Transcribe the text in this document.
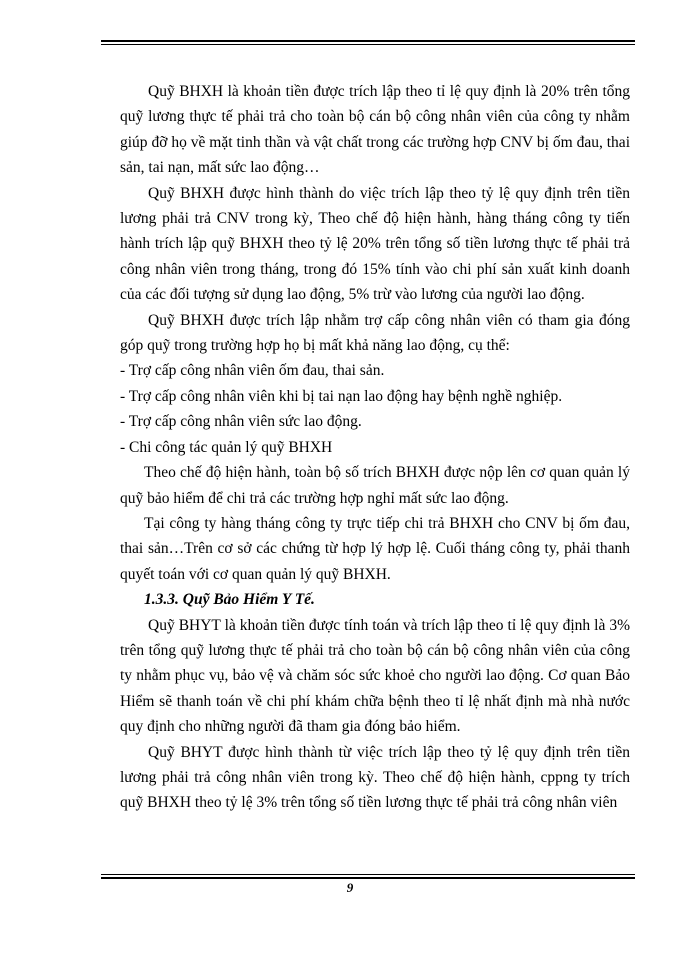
Quỹ BHXH là khoản tiền được trích lập theo tỉ lệ quy định là 20% trên tổng quỹ lương thực tế phải trả cho toàn bộ cán bộ công nhân viên của công ty nhằm giúp đỡ họ về mặt tinh thần và vật chất trong các trường hợp CNV bị ốm đau, thai sản, tai nạn, mất sức lao động…

Quỹ BHXH được hình thành do việc trích lập theo tỷ lệ quy định trên tiền lương phải trả CNV trong kỳ, Theo chế độ hiện hành, hàng tháng công ty tiến hành trích lập quỹ BHXH theo tỷ lệ 20% trên tổng số tiền lương thực tế phải trả công nhân viên trong tháng, trong đó 15% tính vào chi phí sản xuất kinh doanh của các đối tượng sử dụng lao động, 5% trừ vào lương của người lao động.

Quỹ BHXH được trích lập nhằm trợ cấp công nhân viên có tham gia đóng góp quỹ trong trường hợp họ bị mất khả năng lao động, cụ thể:

- Trợ cấp công nhân viên ốm đau, thai sản.

- Trợ cấp công nhân viên khi bị tai nạn lao động hay bệnh nghề nghiệp.

- Trợ cấp công nhân viên sức lao động.

- Chi công tác quản lý quỹ BHXH

Theo chế độ hiện hành, toàn bộ số trích BHXH được nộp lên cơ quan quản lý quỹ bảo hiểm để chi trả các trường hợp nghỉ mất sức lao động.

Tại công ty hàng tháng công ty trực tiếp chi trả BHXH cho CNV bị ốm đau, thai sản…Trên cơ sở các chứng từ hợp lý hợp lệ. Cuối tháng công ty, phải thanh quyết toán với cơ quan quản lý quỹ BHXH.

1.3.3. Quỹ Bảo Hiểm Y Tế.

Quỹ BHYT là khoản tiền được tính toán và trích lập theo tỉ lệ quy định là 3% trên tổng quỹ lương thực tế phải trả cho toàn bộ cán bộ công nhân viên của công ty nhằm phục vụ, bảo vệ và chăm sóc sức khoẻ cho người lao động. Cơ quan Bảo Hiểm sẽ thanh toán về chi phí khám chữa bệnh theo tỉ lệ nhất định mà nhà nước quy định cho những người đã tham gia đóng bảo hiểm.

Quỹ BHYT được hình thành từ việc trích lập theo tỷ lệ quy định trên tiền lương phải trả công nhân viên trong kỳ. Theo chế độ hiện hành, cppng ty trích quỹ BHXH theo tỷ lệ 3% trên tổng số tiền lương thực tế phải trả công nhân viên

9
